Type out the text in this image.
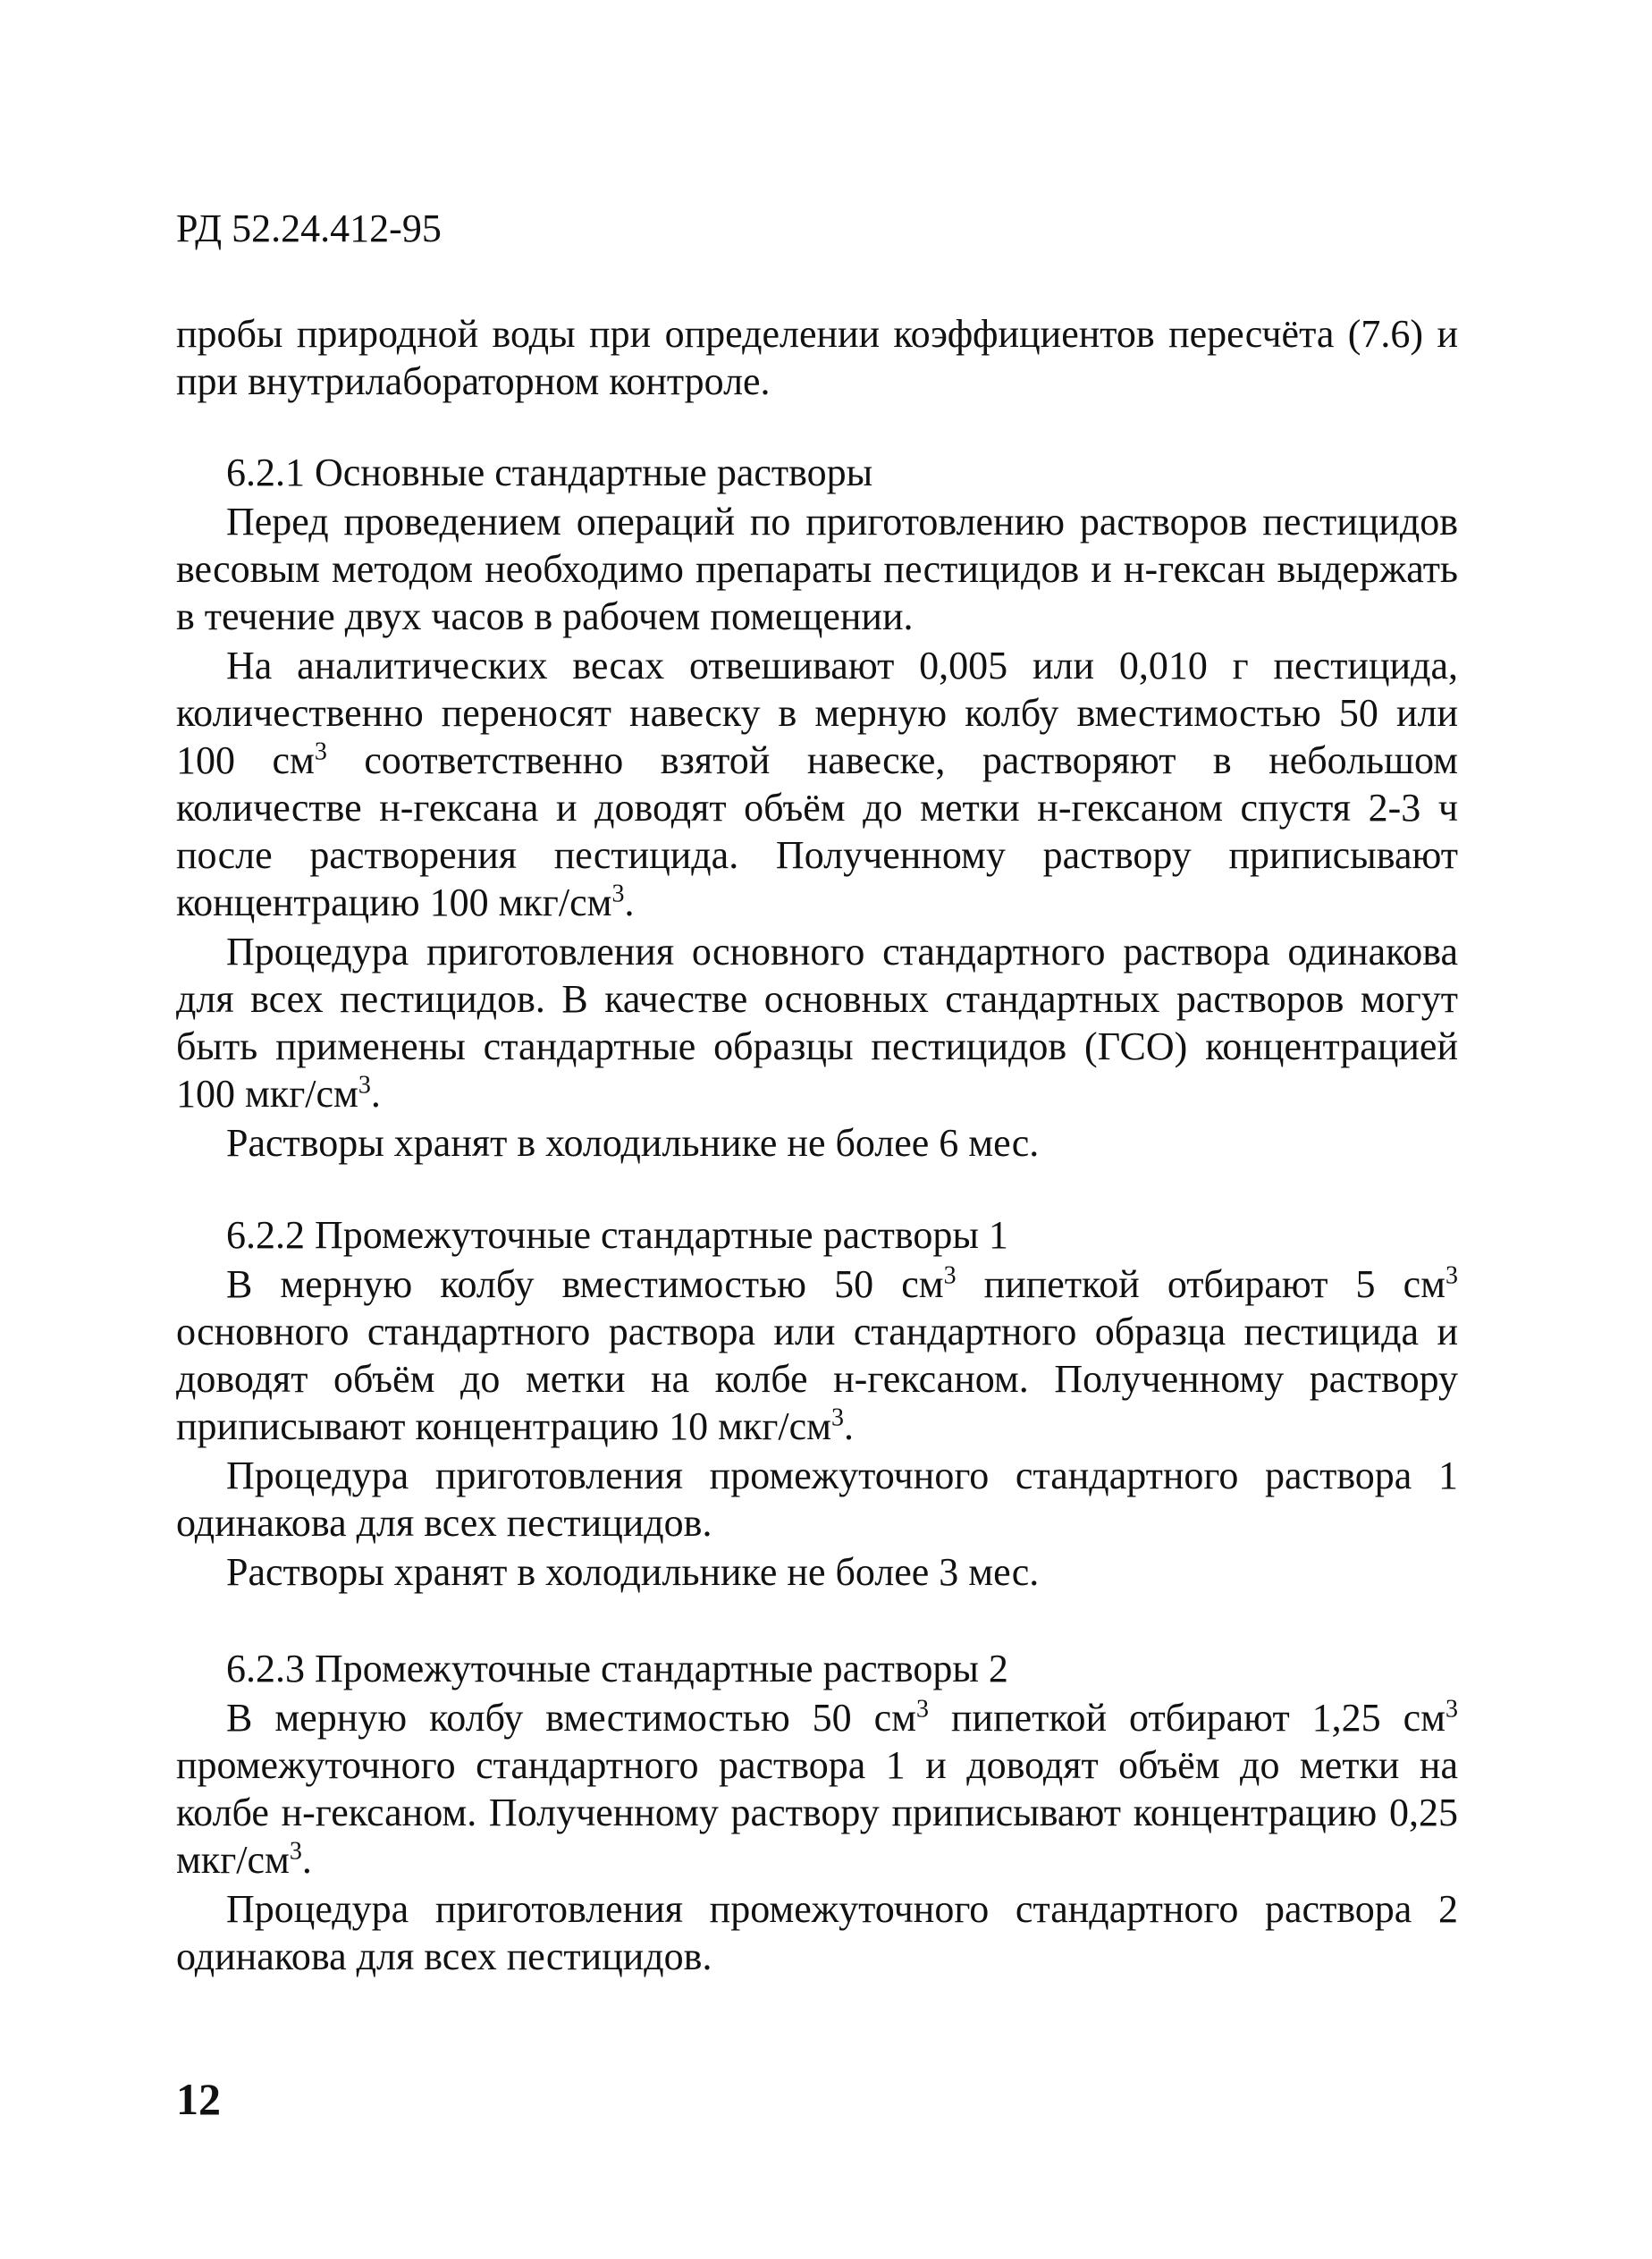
РД 52.24.412-95

пробы природной воды при определении коэффициентов пересчёта (7.6) и при внутрилабораторном контроле.

6.2.1 Основные стандартные растворы

Перед проведением операций по приготовлению растворов пестицидов весовым методом необходимо препараты пестицидов и н-гексан выдержать в течение двух часов в рабочем помещении.

На аналитических весах отвешивают 0,005 или 0,010 г пестицида, количественно переносят навеску в мерную колбу вместимостью 50 или 100 $см^3$ соответственно взятой навеске, растворяют в небольшом количестве н-гексана и доводят объём до метки н-гексаном спустя 2-3 ч после растворения пестицида. Полученному раствору приписывают концентрацию 100 мкг/$см^3$.

Процедура приготовления основного стандартного раствора одинакова для всех пестицидов. В качестве основных стандартных растворов могут быть применены стандартные образцы пестицидов (ГСО) концентрацией 100 мкг/$см^3$.

Растворы хранят в холодильнике не более 6 мес.

6.2.2 Промежуточные стандартные растворы 1

В мерную колбу вместимостью 50 $см^3$ пипеткой отбирают 5 $см^3$ основного стандартного раствора или стандартного образца пестицида и доводят объём до метки на колбе н-гексаном. Полученному раствору приписывают концентрацию 10 мкг/$см^3$.

Процедура приготовления промежуточного стандартного раствора 1 одинакова для всех пестицидов.

Растворы хранят в холодильнике не более 3 мес.

6.2.3 Промежуточные стандартные растворы 2

В мерную колбу вместимостью 50 $см^3$ пипеткой отбирают 1,25 $см^3$ промежуточного стандартного раствора 1 и доводят объём до метки на колбе н-гексаном. Полученному раствору приписывают концентрацию 0,25 мкг/$см^3$.

Процедура приготовления промежуточного стандартного раствора 2 одинакова для всех пестицидов.

12
